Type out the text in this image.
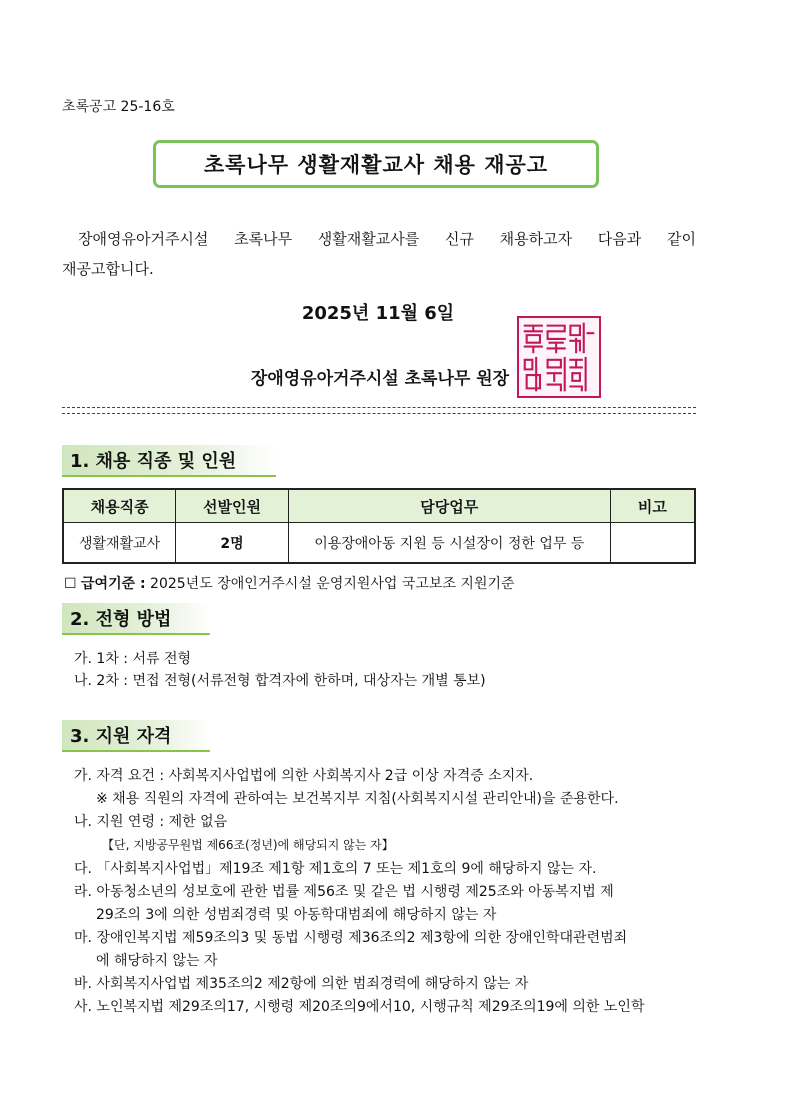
초록공고 25-16호
초록나무 생활재활교사 채용 재공고
장애영유아거주시설 초록나무 생활재활교사를 신규 채용하고자 다음과 같이
재공고합니다.
2025년 11월 6일
장애영유아거주시설 초록나무 원장
1. 채용 직종 및 인원
채용직종	선발인원	담당업무	비고
생활재활교사	2명	이용장애아동 지원 등 시설장이 정한 업무 등	
☐ 급여기준 : 2025년도 장애인거주시설 운영지원사업 국고보조 지원기준
2. 전형 방법
가. 1차 : 서류 전형
나. 2차 : 면접 전형(서류전형 합격자에 한하며, 대상자는 개별 통보)
3. 지원 자격
가. 자격 요건 : 사회복지사업법에 의한 사회복지사 2급 이상 자격증 소지자.
※ 채용 직원의 자격에 관하여는 보건복지부 지침(사회복지시설 관리안내)을 준용한다.
나. 지원 연령 : 제한 없음
【단, 지방공무원법 제66조(정년)에 해당되지 않는 자】
다. 「사회복지사업법」제19조 제1항 제1호의 7 또는 제1호의 9에 해당하지 않는 자.
라. 아동청소년의 성보호에 관한 법률 제56조 및 같은 법 시행령 제25조와 아동복지법 제
29조의 3에 의한 성범죄경력 및 아동학대범죄에 해당하지 않는 자
마. 장애인복지법 제59조의3 및 동법 시행령 제36조의2 제3항에 의한 장애인학대관련범죄
에 해당하지 않는 자
바. 사회복지사업법 제35조의2 제2항에 의한 범죄경력에 해당하지 않는 자
사. 노인복지법 제29조의17, 시행령 제20조의9에서10, 시행규칙 제29조의19에 의한 노인학
